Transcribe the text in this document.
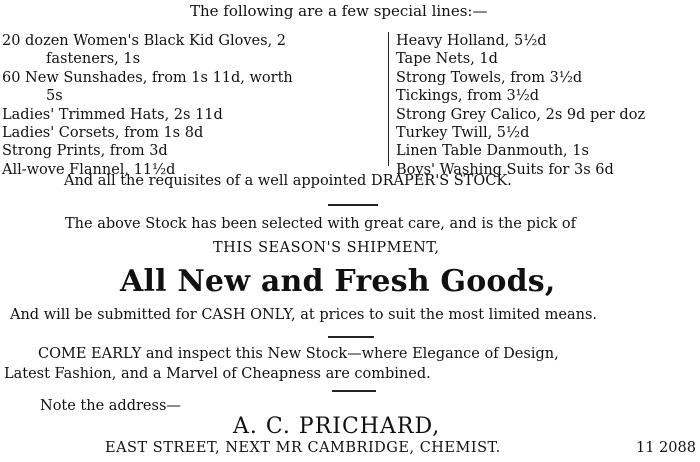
The following are a few special lines:—
20 dozen Women's Black Kid Gloves, 2
fasteners, 1s
60 New Sunshades, from 1s 11d, worth
5s
Ladies' Trimmed Hats, 2s 11d
Ladies' Corsets, from 1s 8d
Strong Prints, from 3d
All-wove Flannel, 11½d
Heavy Holland, 5½d
Tape Nets, 1d
Strong Towels, from 3½d
Tickings, from 3½d
Strong Grey Calico, 2s 9d per doz
Turkey Twill, 5½d
Linen Table Danmouth, 1s
Boys' Washing Suits for 3s 6d
And all the requisites of a well appointed DRAPER'S STOCK.
The above Stock has been selected with great care, and is the pick of
THIS SEASON'S SHIPMENT,
All New and Fresh Goods,
And will be submitted for CASH ONLY, at prices to suit the most limited means.
COME EARLY and inspect this New Stock—where Elegance of Design,
Latest Fashion, and a Marvel of Cheapness are combined.
Note the address—
A. C. PRICHARD,
EAST STREET, NEXT MR CAMBRIDGE, CHEMIST.	11 2088
